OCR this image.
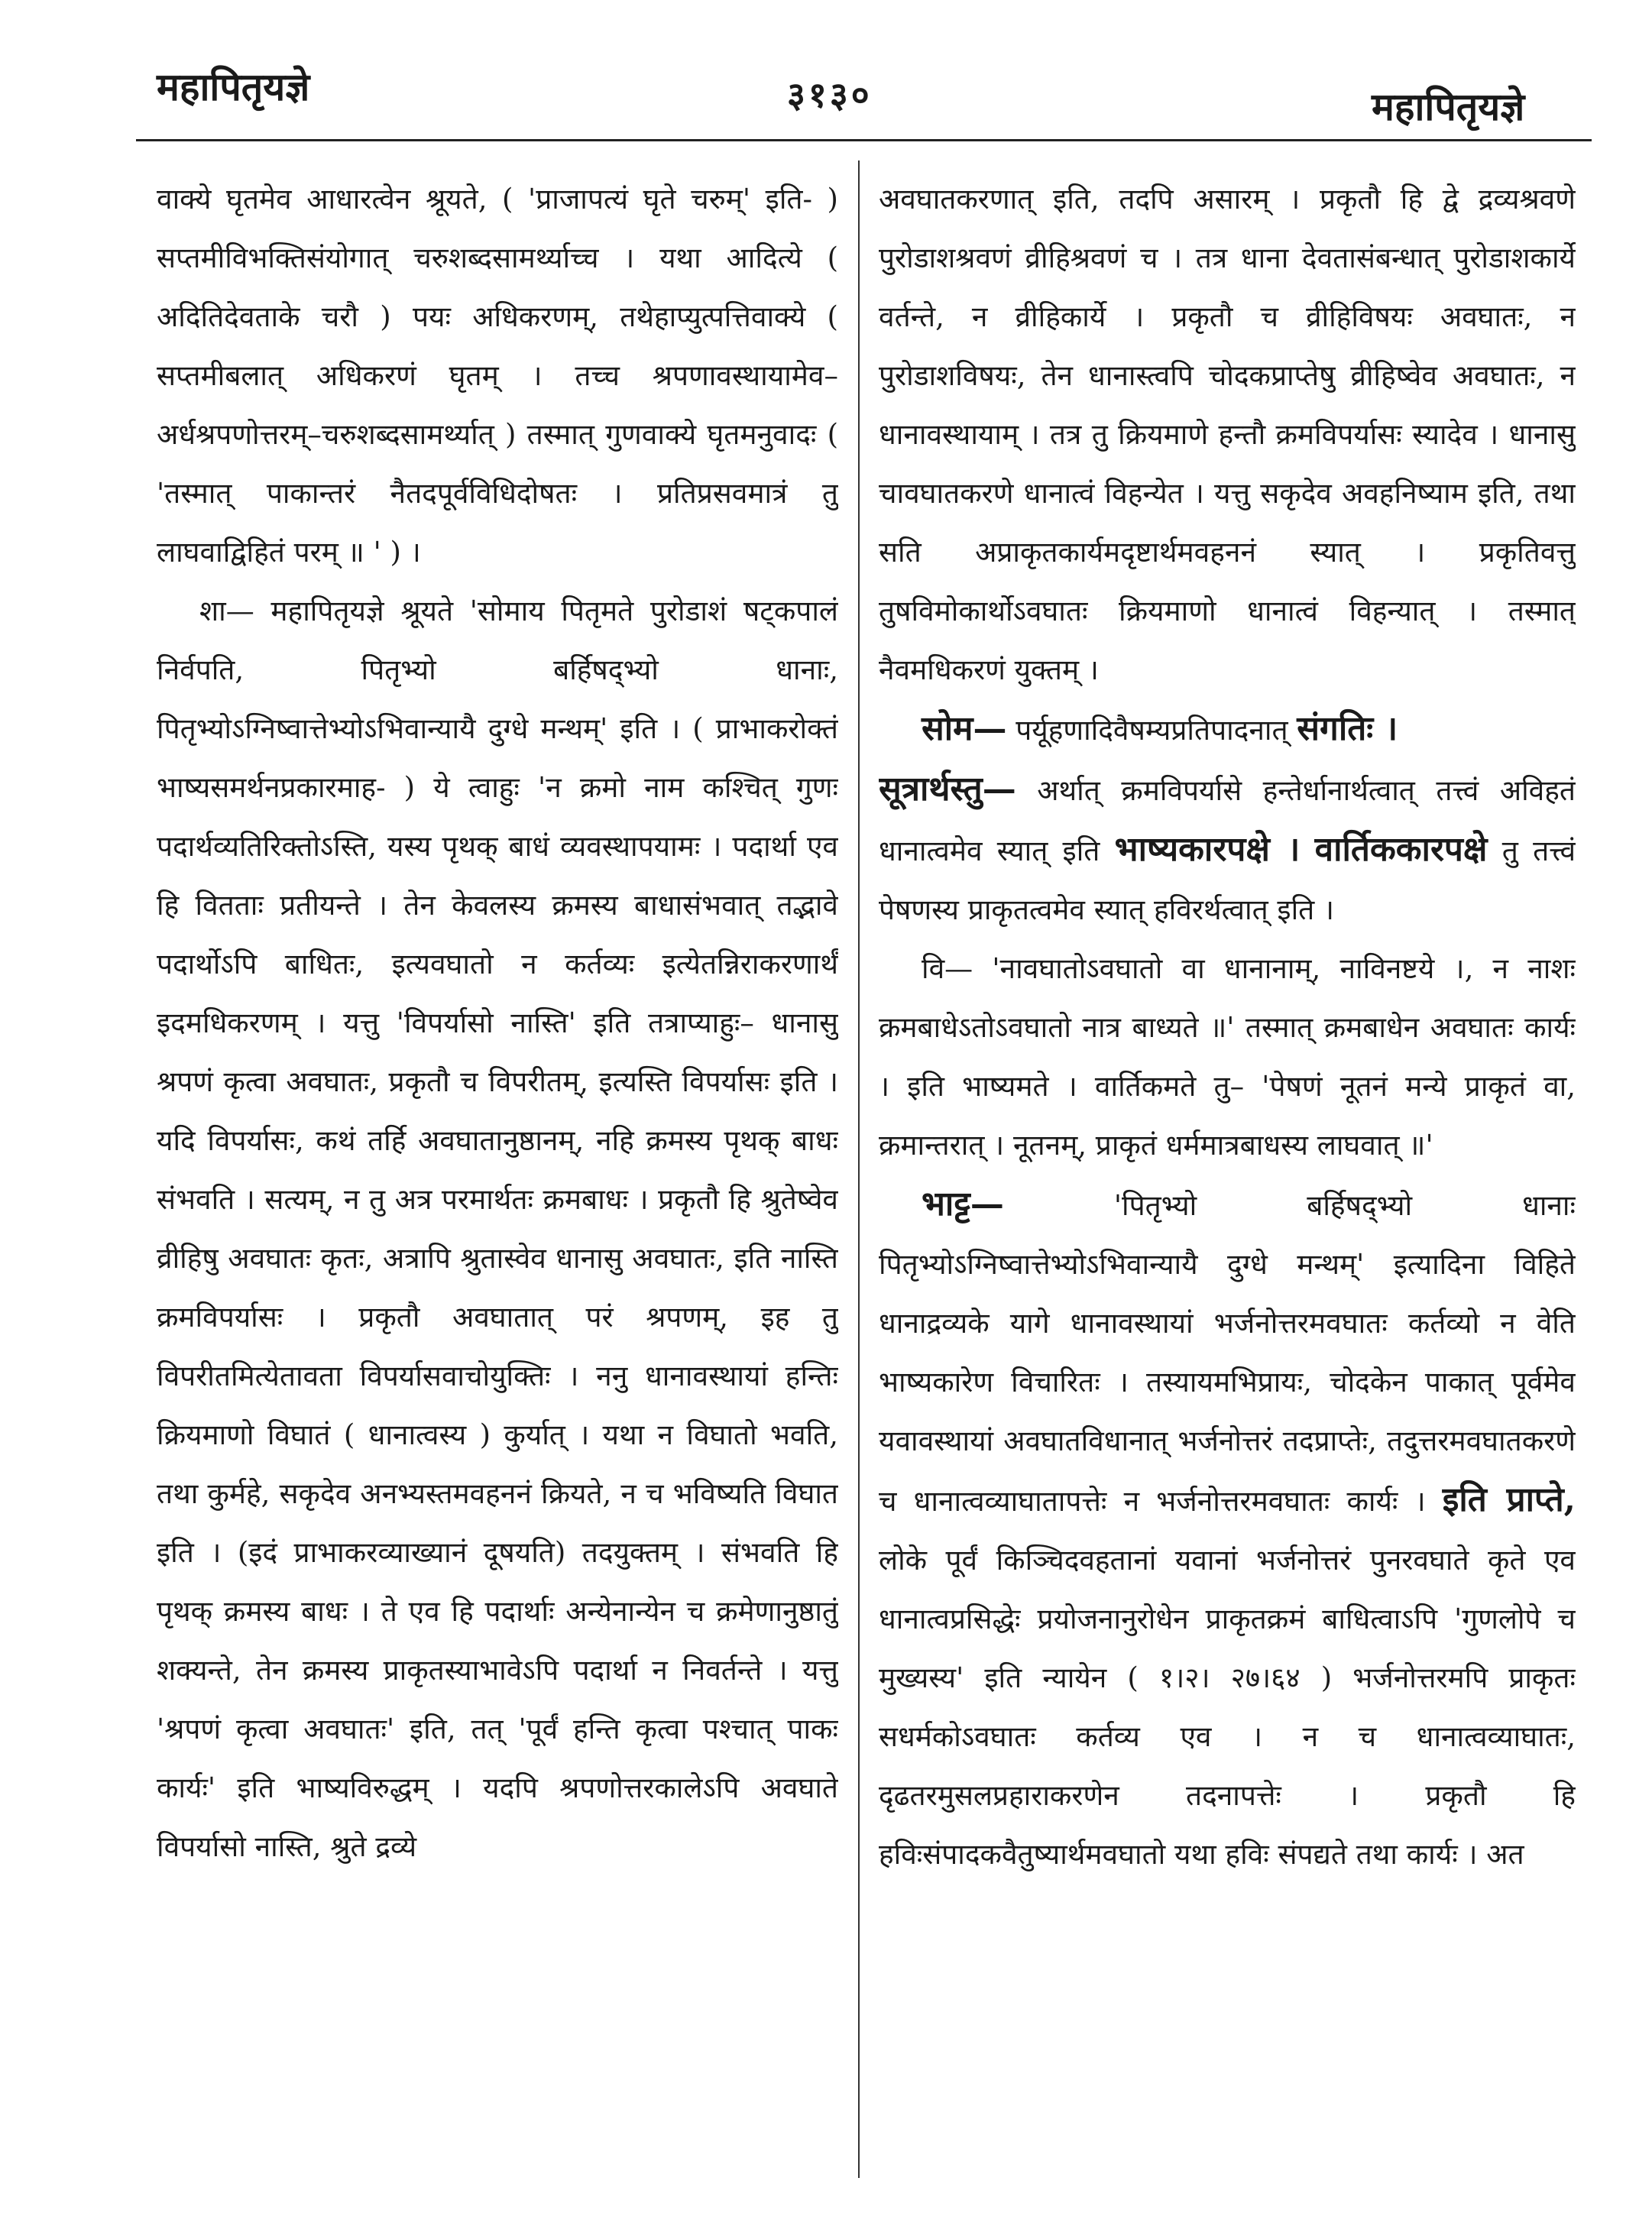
महापितृयज्ञे	३१३०	महापितृयज्ञे

वाक्ये घृतमेव आधारत्वेन श्रूयते, ( 'प्राजापत्यं घृते चरुम्' इति- ) सप्तमीविभक्तिसंयोगात् चरुशब्दसामर्थ्याच्च । यथा आदित्ये ( अदितिदेवताके चरौ ) पयः अधिकरणम्, तथेहाप्युत्पत्तिवाक्ये ( सप्तमीबलात् अधिकरणं घृतम् । तच्च श्रपणावस्थायामेव–अर्धश्रपणोत्तरम्–चरुशब्दसामर्थ्यात् ) तस्मात् गुणवाक्ये घृतमनुवादः ( 'तस्मात् पाकान्तरं नैतदपूर्वविधिदोषतः । प्रतिप्रसवमात्रं तु लाघवाद्विहितं परम् ॥ ' ) ।

शा— महापितृयज्ञे श्रूयते 'सोमाय पितृमते पुरोडाशं षट्कपालं निर्वपति, पितृभ्यो बर्हिषद्भ्यो धानाः, पितृभ्योऽग्निष्वात्तेभ्योऽभिवान्यायै दुग्धे मन्थम्' इति । ( प्राभाकरोक्तं भाष्यसमर्थनप्रकारमाह- ) ये त्वाहुः 'न क्रमो नाम कश्चित् गुणः पदार्थव्यतिरिक्तोऽस्ति, यस्य पृथक् बाधं व्यवस्थापयामः । पदार्था एव हि वितताः प्रतीयन्ते । तेन केवलस्य क्रमस्य बाधासंभवात् तद्भावे पदार्थोऽपि बाधितः, इत्यवघातो न कर्तव्यः इत्येतन्निराकरणार्थं इदमधिकरणम् । यत्तु 'विपर्यासो नास्ति' इति तत्राप्याहुः– धानासु श्रपणं कृत्वा अवघातः, प्रकृतौ च विपरीतम्, इत्यस्ति विपर्यासः इति । यदि विपर्यासः, कथं तर्हि अवघातानुष्ठानम्, नहि क्रमस्य पृथक् बाधः संभवति । सत्यम्, न तु अत्र परमार्थतः क्रमबाधः । प्रकृतौ हि श्रुतेष्वेव व्रीहिषु अवघातः कृतः, अत्रापि श्रुतास्वेव धानासु अवघातः, इति नास्ति क्रमविपर्यासः । प्रकृतौ अवघातात् परं श्रपणम्, इह तु विपरीतमित्येतावता विपर्यासवाचोयुक्तिः । ननु धानावस्थायां हन्तिः क्रियमाणो विघातं ( धानात्वस्य ) कुर्यात् । यथा न विघातो भवति, तथा कुर्महे, सकृदेव अनभ्यस्तमवहननं क्रियते, न च भविष्यति विघात इति । (इदं प्राभाकरव्याख्यानं दूषयति) तदयुक्तम् । संभवति हि पृथक् क्रमस्य बाधः । ते एव हि पदार्थाः अन्येनान्येन च क्रमेणानुष्ठातुं शक्यन्ते, तेन क्रमस्य प्राकृतस्याभावेऽपि पदार्था न निवर्तन्ते । यत्तु 'श्रपणं कृत्वा अवघातः' इति, तत् 'पूर्वं हन्ति कृत्वा पश्चात् पाकः कार्यः' इति भाष्यविरुद्धम् । यदपि श्रपणोत्तरकालेऽपि अवघाते विपर्यासो नास्ति, श्रुते द्रव्ये

अवघातकरणात् इति, तदपि असारम् । प्रकृतौ हि द्वे द्रव्यश्रवणे पुरोडाशश्रवणं व्रीहिश्रवणं च । तत्र धाना देवतासंबन्धात् पुरोडाशकार्ये वर्तन्ते, न व्रीहिकार्ये । प्रकृतौ च व्रीहिविषयः अवघातः, न पुरोडाशविषयः, तेन धानास्त्वपि चोदकप्राप्तेषु व्रीहिष्वेव अवघातः, न धानावस्थायाम् । तत्र तु क्रियमाणे हन्तौ क्रमविपर्यासः स्यादेव । धानासु चावघातकरणे धानात्वं विहन्येत । यत्तु सकृदेव अवहनिष्याम इति, तथा सति अप्राकृतकार्यमदृष्टार्थमवहननं स्यात् । प्रकृतिवत्तु तुषविमोकार्थोऽवघातः क्रियमाणो धानात्वं विहन्यात् । तस्मात् नैवमधिकरणं युक्तम् ।

सोम— पर्यूहणादिवैषम्यप्रतिपादनात् संगतिः ।

सूत्रार्थस्तु— अर्थात् क्रमविपर्यासे हन्तेर्धानार्थत्वात् तत्त्वं अविहतं धानात्वमेव स्यात् इति भाष्यकारपक्षे । वार्तिककारपक्षे तु तत्त्वं पेषणस्य प्राकृतत्वमेव स्यात् हविरर्थत्वात् इति ।

वि— 'नावघातोऽवघातो वा धानानाम्, नाविनष्टये ।, न नाशः क्रमबाधेऽतोऽवघातो नात्र बाध्यते ॥' तस्मात् क्रमबाधेन अवघातः कार्यः । इति भाष्यमते । वार्तिकमते तु– 'पेषणं नूतनं मन्ये प्राकृतं वा, क्रमान्तरात् । नूतनम्, प्राकृतं धर्ममात्रबाधस्य लाघवात् ॥'

भाट्ट—	'पितृभ्यो बर्हिषद्भ्यो धानाः पितृभ्योऽग्निष्वात्तेभ्योऽभिवान्यायै दुग्धे मन्थम्' इत्यादिना विहिते धानाद्रव्यके यागे धानावस्थायां भर्जनोत्तरमवघातः कर्तव्यो न वेति भाष्यकारेण विचारितः । तस्यायमभिप्रायः, चोदकेन पाकात् पूर्वमेव यवावस्थायां अवघातविधानात् भर्जनोत्तरं तदप्राप्तेः, तदुत्तरमवघातकरणे च धानात्वव्याघातापत्तेः न भर्जनोत्तरमवघातः कार्यः । इति प्राप्ते, लोके पूर्वं किञ्चिदवहतानां यवानां भर्जनोत्तरं पुनरवघाते कृते एव धानात्वप्रसिद्धेः प्रयोजनानुरोधेन प्राकृतक्रमं बाधित्वाऽपि 'गुणलोपे च मुख्यस्य' इति न्यायेन ( १।२। २७।६४ ) भर्जनोत्तरमपि प्राकृतः सधर्मकोऽवघातः कर्तव्य एव । न च धानात्वव्याघातः, दृढतरमुसलप्रहाराकरणेन तदनापत्तेः । प्रकृतौ हि हविःसंपादकवैतुष्यार्थमवघातो यथा हविः संपद्यते तथा कार्यः । अत
